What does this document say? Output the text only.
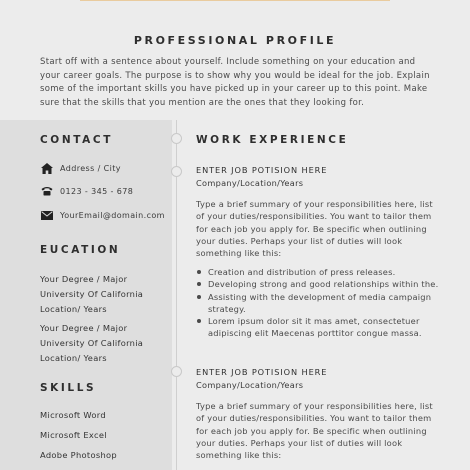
PROFESSIONAL PROFILE
Start off with a sentence about yourself. Include something on your education and your career goals. The purpose is to show why you would be ideal for the job. Explain some of the important skills you have picked up in your career up to this point. Make sure that the skills that you mention are the ones that they looking for.
CONTACT
Address / City
0123 - 345 - 678
YourEmail@domain.com
EUCATION
Your Degree / Major
University Of California
Location/ Years
Your Degree / Major
University Of California
Location/ Years
SKILLS
Microsoft Word
Microsoft Excel
Adobe Photoshop
WORK EXPERIENCE
ENTER JOB POTISION HERE
Company/Location/Years
Type a brief summary of your responsibilities here, list of your duties/responsibilities. You want to tailor them for each job you apply for. Be specific when outlining your duties. Perhaps your list of duties will look something like this:
Creation and distribution of press releases.
Developing strong and good relationships within the.
Assisting with the development of media campaign strategy.
Lorem ipsum dolor sit it mas amet, consectetuer adipiscing elit Maecenas porttitor congue massa.
ENTER JOB POTISION HERE
Company/Location/Years
Type a brief summary of your responsibilities here, list of your duties/responsibilities. You want to tailor them for each job you apply for. Be specific when outlining your duties. Perhaps your list of duties will look something like this:
